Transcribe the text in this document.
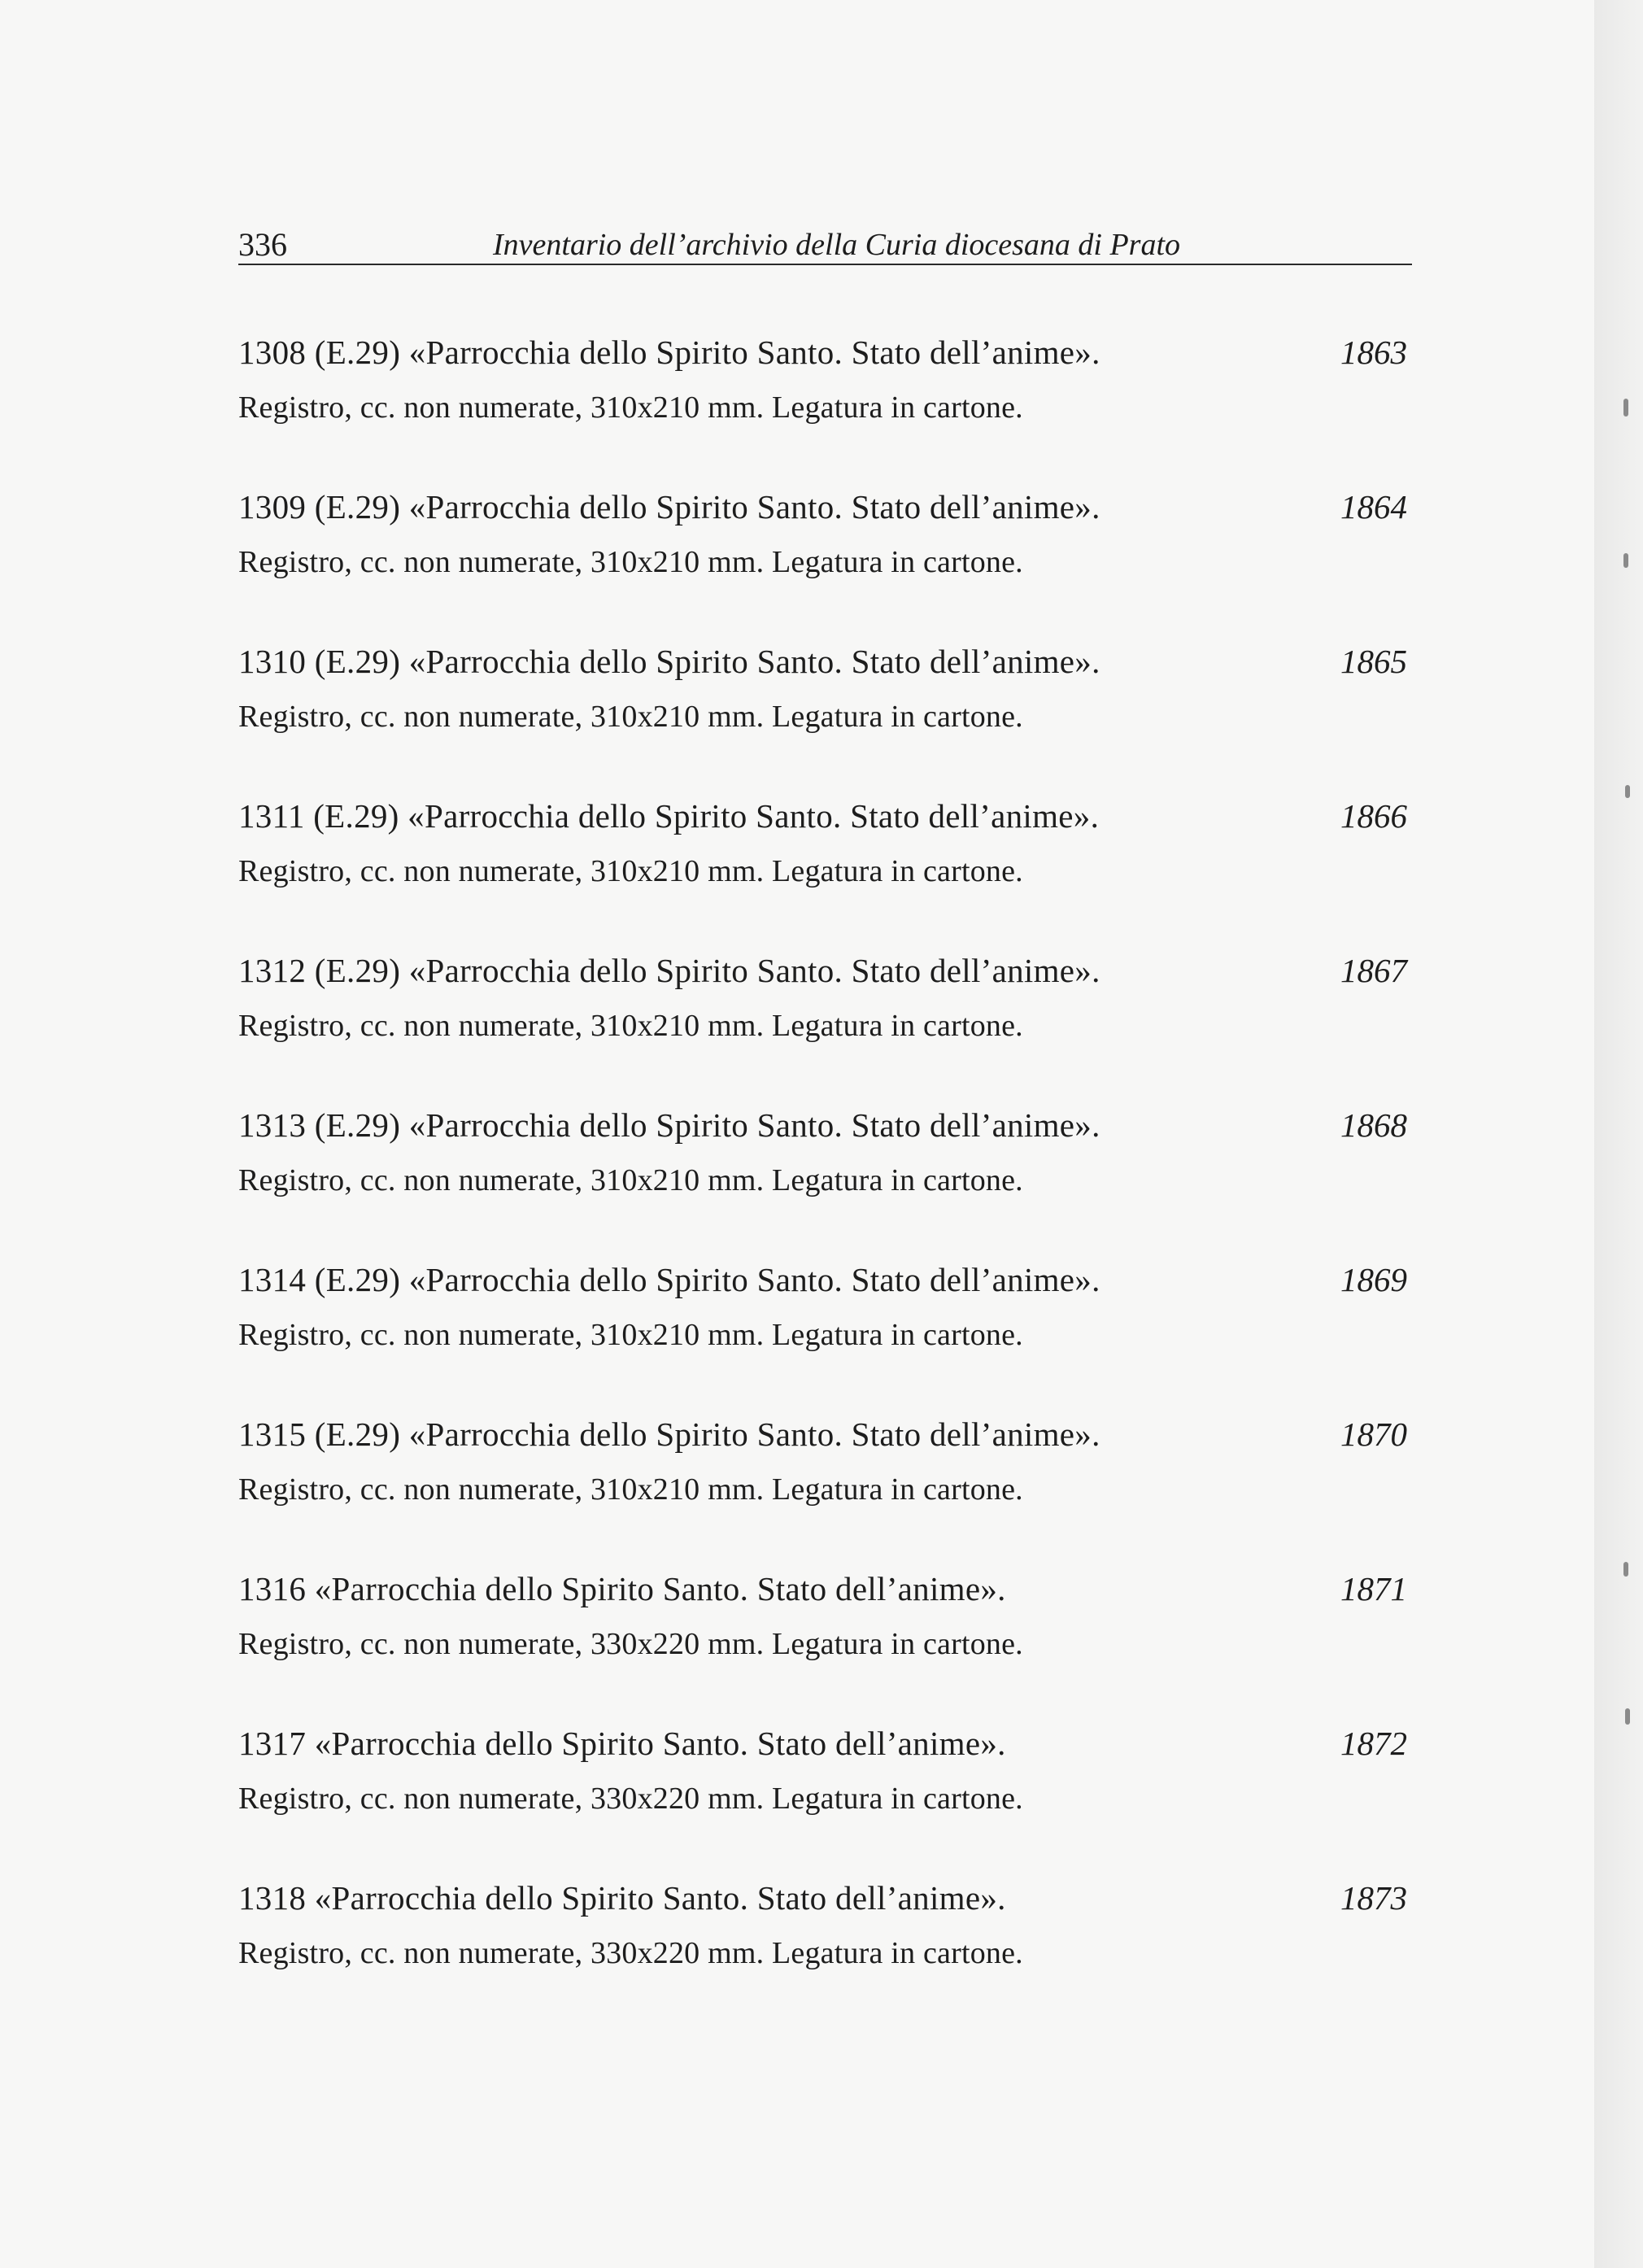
336	Inventario dell’archivio della Curia diocesana di Prato
1308 (E.29) «Parrocchia dello Spirito Santo. Stato dell’anime».	1863
Registro, cc. non numerate, 310x210 mm. Legatura in cartone.
1309 (E.29) «Parrocchia dello Spirito Santo. Stato dell’anime».	1864
Registro, cc. non numerate, 310x210 mm. Legatura in cartone.
1310 (E.29) «Parrocchia dello Spirito Santo. Stato dell’anime».	1865
Registro, cc. non numerate, 310x210 mm. Legatura in cartone.
1311 (E.29) «Parrocchia dello Spirito Santo. Stato dell’anime».	1866
Registro, cc. non numerate, 310x210 mm. Legatura in cartone.
1312 (E.29) «Parrocchia dello Spirito Santo. Stato dell’anime».	1867
Registro, cc. non numerate, 310x210 mm. Legatura in cartone.
1313 (E.29) «Parrocchia dello Spirito Santo. Stato dell’anime».	1868
Registro, cc. non numerate, 310x210 mm. Legatura in cartone.
1314 (E.29) «Parrocchia dello Spirito Santo. Stato dell’anime».	1869
Registro, cc. non numerate, 310x210 mm. Legatura in cartone.
1315 (E.29) «Parrocchia dello Spirito Santo. Stato dell’anime».	1870
Registro, cc. non numerate, 310x210 mm. Legatura in cartone.
1316 «Parrocchia dello Spirito Santo. Stato dell’anime».	1871
Registro, cc. non numerate, 330x220 mm. Legatura in cartone.
1317 «Parrocchia dello Spirito Santo. Stato dell’anime».	1872
Registro, cc. non numerate, 330x220 mm. Legatura in cartone.
1318 «Parrocchia dello Spirito Santo. Stato dell’anime».	1873
Registro, cc. non numerate, 330x220 mm. Legatura in cartone.
